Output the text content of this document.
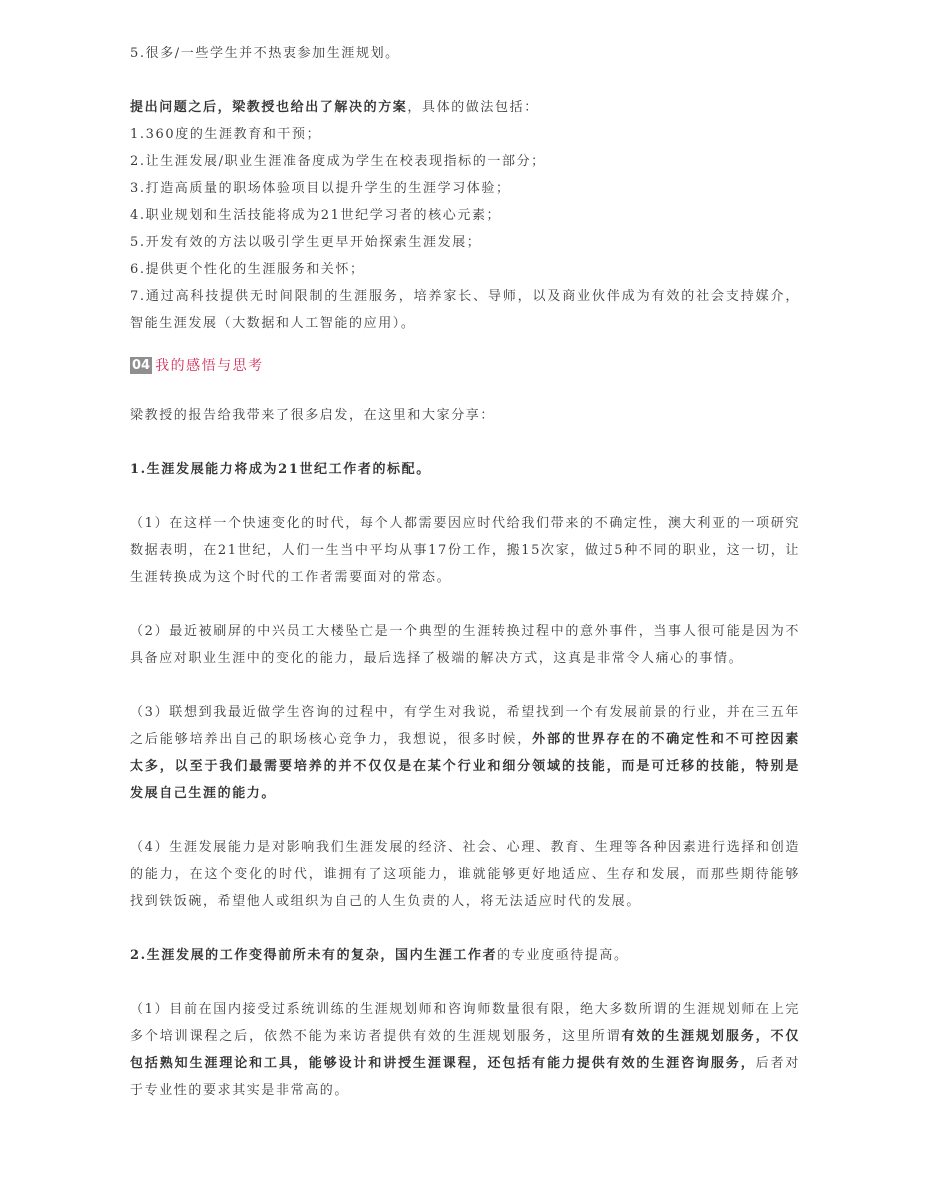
5.很多/一些学生并不热衷参加生涯规划。
提出问题之后，梁教授也给出了解决的方案，具体的做法包括：
1.360度的生涯教育和干预；
2.让生涯发展/职业生涯准备度成为学生在校表现指标的一部分；
3.打造高质量的职场体验项目以提升学生的生涯学习体验；
4.职业规划和生活技能将成为21世纪学习者的核心元素；
5.开发有效的方法以吸引学生更早开始探索生涯发展；
6.提供更个性化的生涯服务和关怀；
7.通过高科技提供无时间限制的生涯服务，培养家长、导师，以及商业伙伴成为有效的社会支持媒介，智能生涯发展（大数据和人工智能的应用）。
04 我的感悟与思考
梁教授的报告给我带来了很多启发，在这里和大家分享：
1.生涯发展能力将成为21世纪工作者的标配。
（1）在这样一个快速变化的时代，每个人都需要因应时代给我们带来的不确定性，澳大利亚的一项研究数据表明，在21世纪，人们一生当中平均从事17份工作，搬15次家，做过5种不同的职业，这一切，让生涯转换成为这个时代的工作者需要面对的常态。
（2）最近被刷屏的中兴员工大楼坠亡是一个典型的生涯转换过程中的意外事件，当事人很可能是因为不具备应对职业生涯中的变化的能力，最后选择了极端的解决方式，这真是非常令人痛心的事情。
（3）联想到我最近做学生咨询的过程中，有学生对我说，希望找到一个有发展前景的行业，并在三五年之后能够培养出自己的职场核心竞争力，我想说，很多时候，外部的世界存在的不确定性和不可控因素太多，以至于我们最需要培养的并不仅仅是在某个行业和细分领域的技能，而是可迁移的技能，特别是发展自己生涯的能力。
（4）生涯发展能力是对影响我们生涯发展的经济、社会、心理、教育、生理等各种因素进行选择和创造的能力，在这个变化的时代，谁拥有了这项能力，谁就能够更好地适应、生存和发展，而那些期待能够找到铁饭碗，希望他人或组织为自己的人生负责的人，将无法适应时代的发展。
2.生涯发展的工作变得前所未有的复杂，国内生涯工作者的专业度亟待提高。
（1）目前在国内接受过系统训练的生涯规划师和咨询师数量很有限，绝大多数所谓的生涯规划师在上完多个培训课程之后，依然不能为来访者提供有效的生涯规划服务，这里所谓有效的生涯规划服务，不仅包括熟知生涯理论和工具，能够设计和讲授生涯课程，还包括有能力提供有效的生涯咨询服务，后者对于专业性的要求其实是非常高的。
